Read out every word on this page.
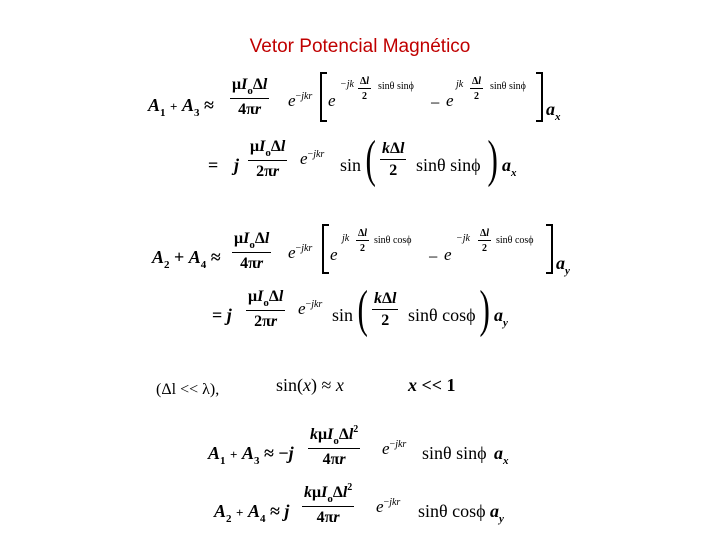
Vetor Potencial Magnético
$A_1 + A_3$ ≈
$\mu I_o\Delta l$
4πr	$e^{-jkr}$ e
$-jk \frac{\Delta l}{2}$ sinθ sinϕ
− e
jk $\frac{\Delta l}{2}$ sinθ sinϕ
$a_x$
= j
$\mu I_o\Delta l$
2πr
$e^{-jkr}$
sin ( kΔl
2	sinθ sinϕ ) $a_x$
$A_2 + A_4$ ≈
$\mu I_o\Delta l$
4πr
$e^{-jkr}$ e
jk $\frac{\Delta l}{2}$ sinθ cosϕ
− e
$-jk \frac{\Delta l}{2}$ sinθ cosϕ
$a_y$
= j
$\mu I_o\Delta l$
2πr
$e^{-jkr}$
sin ( kΔl
2	sinθ cosϕ ) $a_y$
(Δl << λ),	sin(x) ≈ x	x << 1
$A_1 + A_3 \approx -j$
$k\mu I_o\Delta l^2$
4πr
$e^{-jkr}$ sinθ sinϕ $a_x$
$A_2 + A_4 \approx j$
$k\mu I_o\Delta l^2$
4πr
$e^{-jkr}$ sinθ cosϕ $a_y$
